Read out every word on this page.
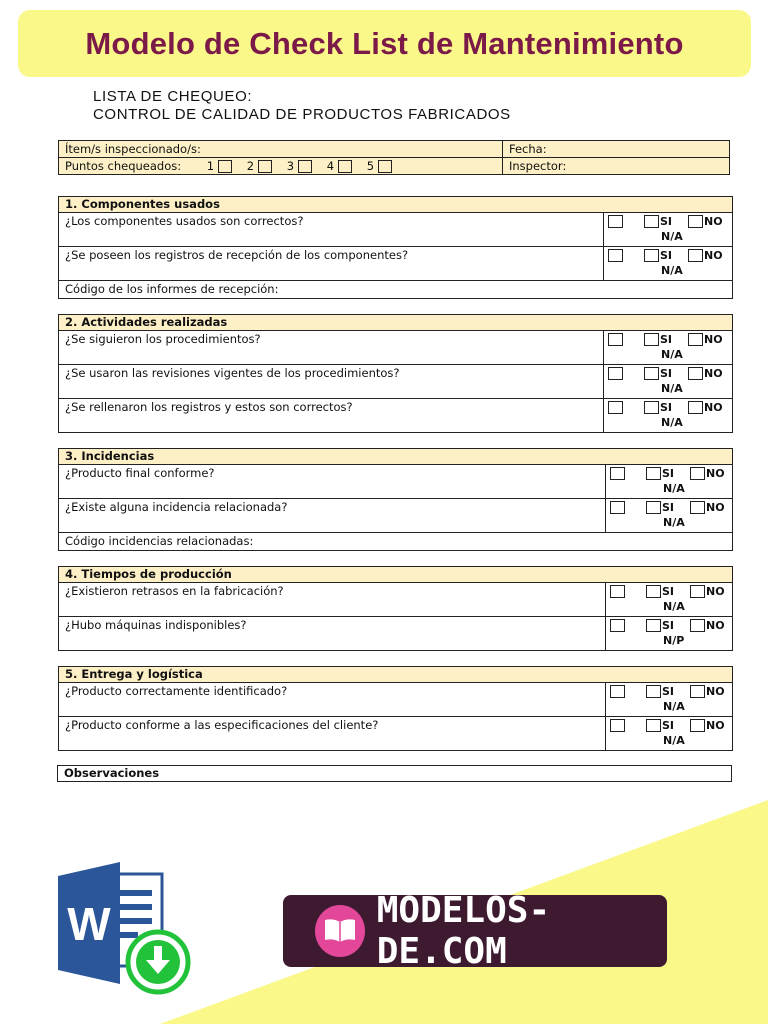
Modelo de Check List de Mantenimiento
LISTA DE CHEQUEO:
CONTROL DE CALIDAD DE PRODUCTOS FABRICADOS
Ítem/s inspeccionado/s:	Fecha:
Puntos chequeados: 1 2 3 4 5	Inspector:
1. Componentes usados	
¿Los componentes usados son correctos?	SI NO
N/A

¿Se poseen los registros de recepción de los componentes?	SI NO
N/A

Código de los informes de recepción:	
2. Actividades realizadas	
¿Se siguieron los procedimientos?	SI NO
N/A

¿Se usaron las revisiones vigentes de los procedimientos?	SI NO
N/A

¿Se rellenaron los registros y estos son correctos?	SI NO
N/A
3. Incidencias	
¿Producto final conforme?	SI NO
N/A

¿Existe alguna incidencia relacionada?	SI NO
N/A

Código incidencias relacionadas:	
4. Tiempos de producción	
¿Existieron retrasos en la fabricación?	SI NO
N/A

¿Hubo máquinas indisponibles?	SI NO
N/P
5. Entrega y logística	
¿Producto correctamente identificado?	SI NO
N/A

¿Producto conforme a las especificaciones del cliente?	SI NO
N/A
Observaciones
W	MODELOS-DE.COM
